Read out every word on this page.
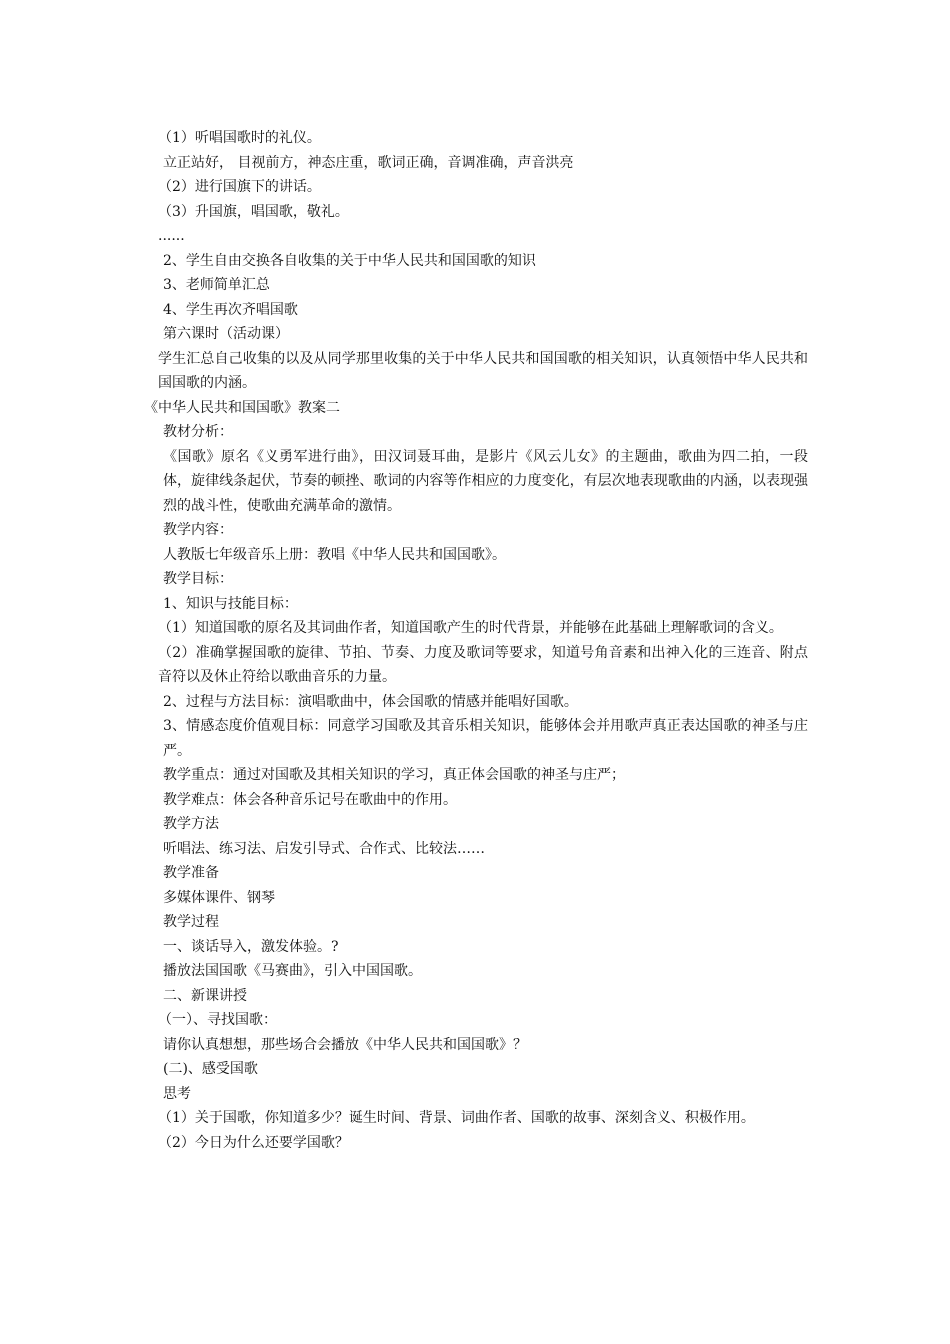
（1）听唱国歌时的礼仪。

立正站好， 目视前方，神态庄重，歌词正确，音调准确，声音洪亮

（2）进行国旗下的讲话。

（3）升国旗，唱国歌，敬礼。

......

2、学生自由交换各自收集的关于中华人民共和国国歌的知识

3、老师简单汇总

4、学生再次齐唱国歌

第六课时（活动课）

学生汇总自己收集的以及从同学那里收集的关于中华人民共和国国歌的相关知识，认真领悟中华人民共和国国歌的内涵。

《中华人民共和国国歌》教案二

教材分析：

《国歌》原名《义勇军进行曲》，田汉词聂耳曲，是影片《风云儿女》的主题曲，歌曲为四二拍，一段体，旋律线条起伏，节奏的顿挫、歌词的内容等作相应的力度变化，有层次地表现歌曲的内涵，以表现强烈的战斗性，使歌曲充满革命的激情。

教学内容：

人教版七年级音乐上册：教唱《中华人民共和国国歌》。

教学目标：

1、知识与技能目标：

（1）知道国歌的原名及其词曲作者，知道国歌产生的时代背景，并能够在此基础上理解歌词的含义。

（2）准确掌握国歌的旋律、节拍、节奏、力度及歌词等要求，知道号角音素和出神入化的三连音、附点音符以及休止符给以歌曲音乐的力量。

2、过程与方法目标：演唱歌曲中，体会国歌的情感并能唱好国歌。

3、情感态度价值观目标：同意学习国歌及其音乐相关知识，能够体会并用歌声真正表达国歌的神圣与庄严。

教学重点：通过对国歌及其相关知识的学习，真正体会国歌的神圣与庄严；

教学难点：体会各种音乐记号在歌曲中的作用。

教学方法

听唱法、练习法、启发引导式、合作式、比较法……

教学准备

多媒体课件、钢琴

教学过程

一、谈话导入，激发体验。?

播放法国国歌《马赛曲》，引入中国国歌。

二、新课讲授

（一）、寻找国歌：

请你认真想想，那些场合会播放《中华人民共和国国歌》？

(二)、感受国歌

思考

（1）关于国歌，你知道多少？诞生时间、背景、词曲作者、国歌的故事、深刻含义、积极作用。

（2）今日为什么还要学国歌？
